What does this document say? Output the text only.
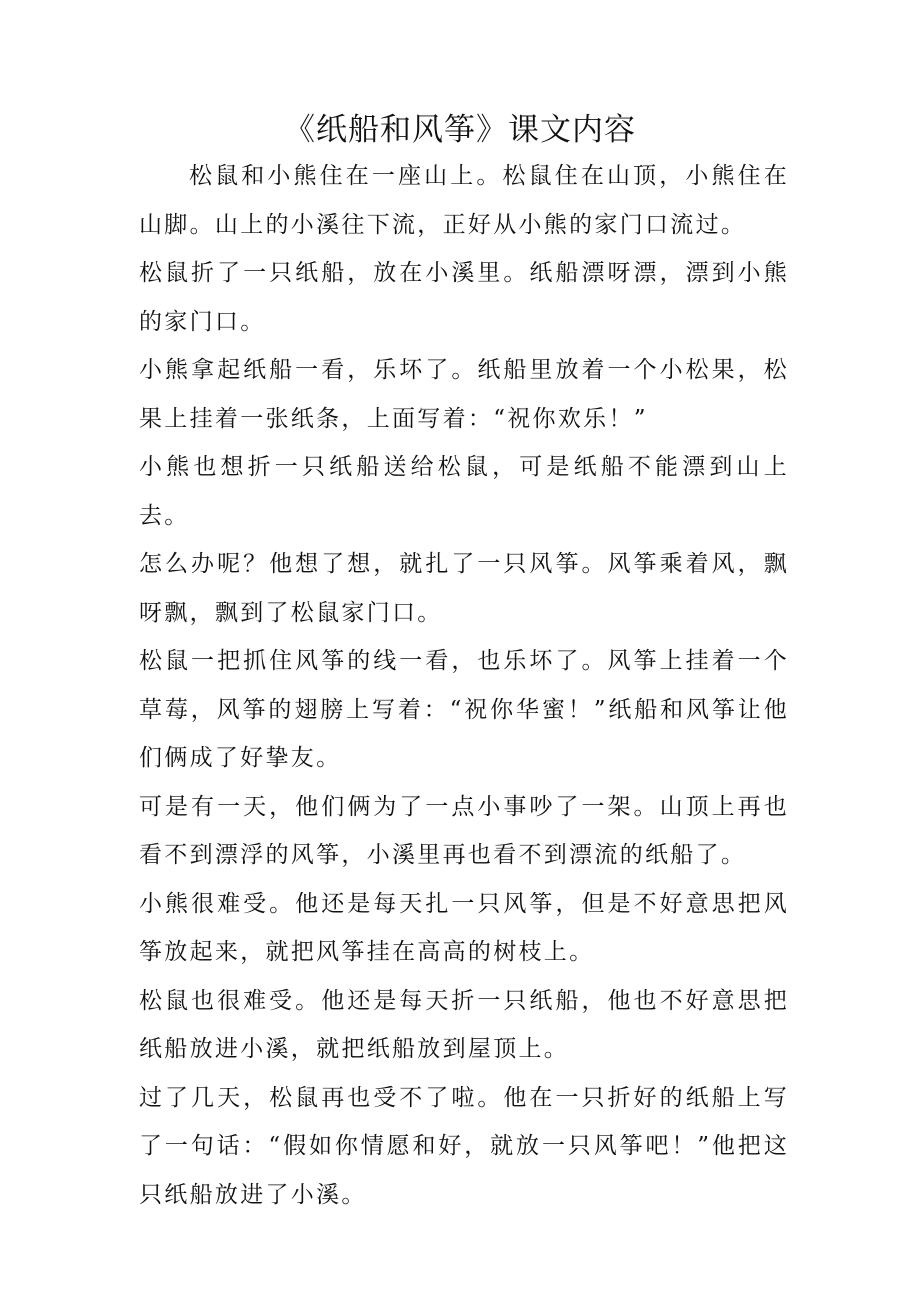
《纸船和风筝》课文内容

松鼠和小熊住在一座山上。松鼠住在山顶，小熊住在山脚。山上的小溪往下流，正好从小熊的家门口流过。

松鼠折了一只纸船，放在小溪里。纸船漂呀漂，漂到小熊的家门口。

小熊拿起纸船一看，乐坏了。纸船里放着一个小松果，松果上挂着一张纸条，上面写着：“祝你欢乐！”

小熊也想折一只纸船送给松鼠，可是纸船不能漂到山上去。

怎么办呢？他想了想，就扎了一只风筝。风筝乘着风，飘呀飘，飘到了松鼠家门口。

松鼠一把抓住风筝的线一看，也乐坏了。风筝上挂着一个草莓，风筝的翅膀上写着：“祝你华蜜！”纸船和风筝让他们俩成了好挚友。

可是有一天，他们俩为了一点小事吵了一架。山顶上再也看不到漂浮的风筝，小溪里再也看不到漂流的纸船了。

小熊很难受。他还是每天扎一只风筝，但是不好意思把风筝放起来，就把风筝挂在高高的树枝上。

松鼠也很难受。他还是每天折一只纸船，他也不好意思把纸船放进小溪，就把纸船放到屋顶上。

过了几天，松鼠再也受不了啦。他在一只折好的纸船上写了一句话：“假如你情愿和好，就放一只风筝吧！”他把这只纸船放进了小溪。
